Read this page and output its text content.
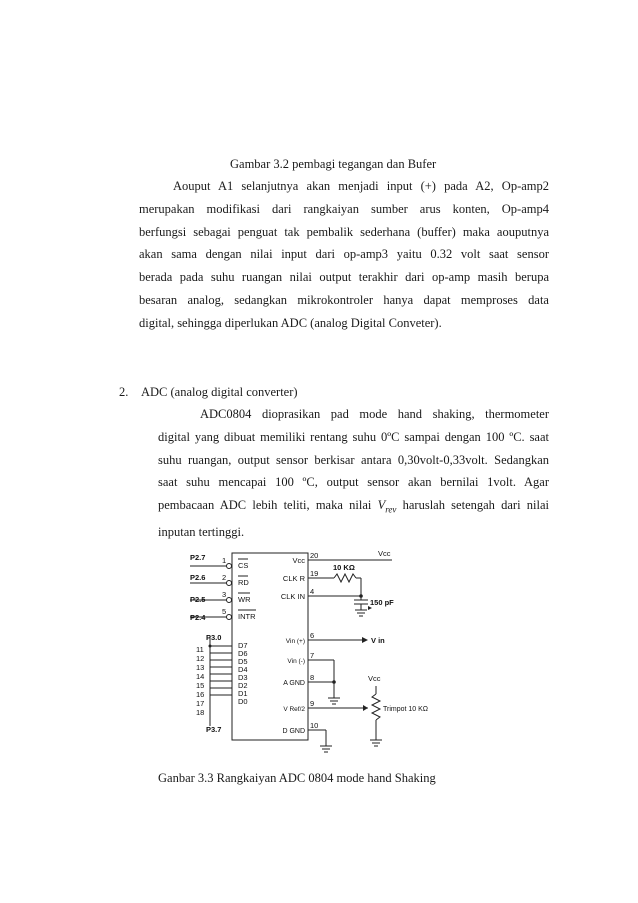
Gambar 3.2 pembagi tegangan dan Bufer
Aouput A1 selanjutnya akan menjadi input (+) pada A2, Op-amp2
merupakan modifikasi dari rangkaiyan sumber arus konten, Op-amp4
berfungsi sebagai penguat tak pembalik sederhana (buffer) maka aouputnya
akan sama dengan nilai input dari op-amp3 yaitu 0.32 volt saat sensor
berada pada suhu ruangan nilai output terakhir dari op-amp masih berupa
besaran analog, sedangkan mikrokontroler hanya dapat memproses data
digital, sehingga diperlukan ADC (analog Digital Conveter).
2. ADC (analog digital converter)
ADC0804 dioprasikan pad mode hand shaking, thermometer
digital yang dibuat memiliki rentang suhu 0ºC sampai dengan 100 ºC. saat
suhu ruangan, output sensor berkisar antara 0,30volt-0,33volt. Sedangkan
saat suhu mencapai 100 ºC, output sensor akan bernilai 1volt. Agar
pembacaan ADC lebih teliti, maka nilai $V_{rev}$ haruslah setengah dari nilai
inputan tertinggi.
P2.7
P2.6
P2.5
P2.4
P3.0
P3.7
1
2
3
5
11
12
13
14
15
16
17
18
CS
RD
WR
INTR
D7
D6
D5
D4
D3
D2
D1
D0
Vcc
CLK R
CLK IN
Vin (+)
Vin (-)
A GND
V Ref/2
D GND
20
19
4
6
7
8
9
10
Vcc
10 KΩ
150 pF
V in
Vcc
Trimpot 10 KΩ
Ganbar 3.3 Rangkaiyan ADC 0804 mode hand Shaking
